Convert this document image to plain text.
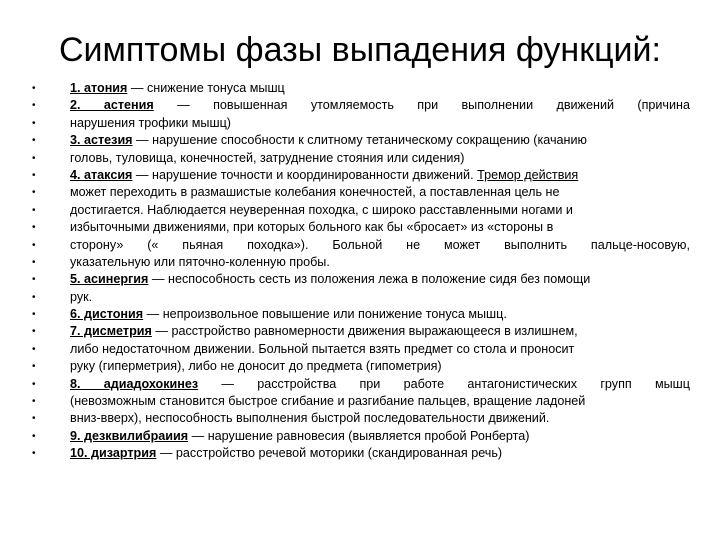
Симптомы фазы выпадения функций:
•	1. атония — снижение тонуса мышц
•	2. астения — повышенная утомляемость при выполнении движений (причина
•	нарушения трофики мышц)
•	3. астезия — нарушение способности к слитному тетаническому сокращению (качанию
•	головь, туловища, конечностей, затруднение стояния или сидения)
•	4. атаксия — нарушение точности и координированности движений. Тремор действия
•	может переходить в размашистые колебания конечностей, а поставленная цель не
•	достигается. Наблюдается неуверенная походка, с широко расставленными ногами и
•	избыточными движениями, при которых больного как бы «бросает» из «стороны в
•	сторону» (« пьяная походка»). Больной не может выполнить пальце-носовую,
•	указательную или пяточно-коленную пробы.
•	5. асинергия — неспособность сесть из положения лежа в положение сидя без помощи
•	рук.
•	6. дистония — непроизвольное повышение или понижение тонуса мышц.
•	7. дисметрия — расстройство равномерности движения выражающееся в излишнем,
•	либо недостаточном движении. Больной пытается взять предмет со стола и проносит
•	руку (гиперметрия), либо не доносит до предмета (гипометрия)
•	8. адиадохокинез — расстройства при работе антагонистических групп мышц
•	(невозможным становится быстрое сгибание и разгибание пальцев, вращение ладоней
•	вниз-вверх), неспособность выполнения быстрой последовательности движений.
•	9. дезквилибраиия — нарушение равновесия (выявляется пробой Ронберта)
•	10. дизартрия — расстройство речевой моторики (скандированная речь)
